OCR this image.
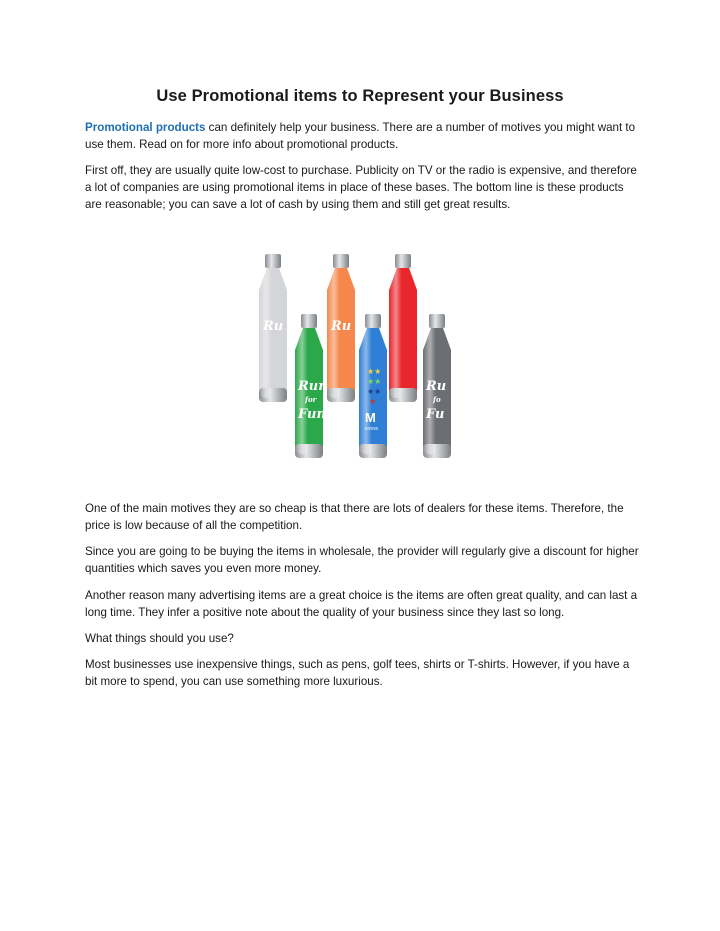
Use Promotional items to Represent your Business
Promotional products can definitely help your business. There are a number of motives you might want to use them. Read on for more info about promotional products.
First off, they are usually quite low-cost to purchase. Publicity on TV or the radio is expensive, and therefore a lot of companies are using promotional items in place of these bases. The bottom line is these products are reasonable; you can save a lot of cash by using them and still get great results.
Ru	Ru
Run
for
Fun
★★
★★
★★
★
M
MONK
Ru
fo
Fu
One of the main motives they are so cheap is that there are lots of dealers for these items. Therefore, the price is low because of all the competition.
Since you are going to be buying the items in wholesale, the provider will regularly give a discount for higher quantities which saves you even more money.
Another reason many advertising items are a great choice is the items are often great quality, and can last a long time. They infer a positive note about the quality of your business since they last so long.
What things should you use?
Most businesses use inexpensive things, such as pens, golf tees, shirts or T-shirts. However, if you have a bit more to spend, you can use something more luxurious.
